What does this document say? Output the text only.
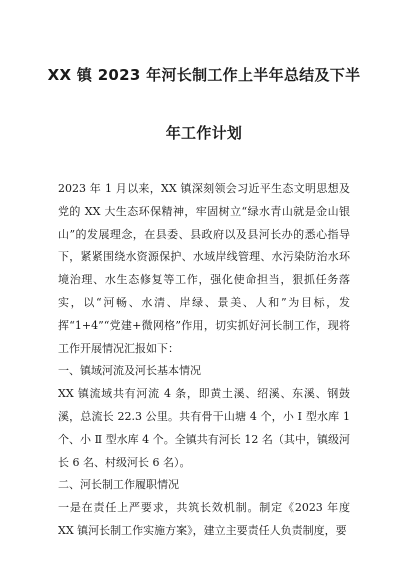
XX 镇 2023 年河长制工作上半年总结及下半
年工作计划

2023 年 1 月以来，XX 镇深刻领会习近平生态文明思想及党的 XX 大生态环保精神，牢固树立“绿水青山就是金山银山”的发展理念，在县委、县政府以及县河长办的悉心指导下，紧紧围绕水资源保护、水域岸线管理、水污染防治水环境治理、水生态修复等工作，强化使命担当，狠抓任务落实，以“河畅、水清、岸绿、景美、人和”为目标，发挥“1+4”“党建+微网格”作用，切实抓好河长制工作，现将工作开展情况汇报如下：

一、镇域河流及河长基本情况

XX 镇流域共有河流 4 条，即黄土溪、绍溪、东溪、钢鼓溪，总流长 22.3 公里。共有骨干山塘 4 个，小 Ⅰ 型水库 1 个、小 Ⅱ 型水库 4 个。全镇共有河长 12 名（其中，镇级河长 6 名、村级河长 6 名）。

二、河长制工作履职情况

一是在责任上严要求，共筑长效机制。制定《2023 年度 XX 镇河长制工作实施方案》，建立主要责任人负责制度，要
